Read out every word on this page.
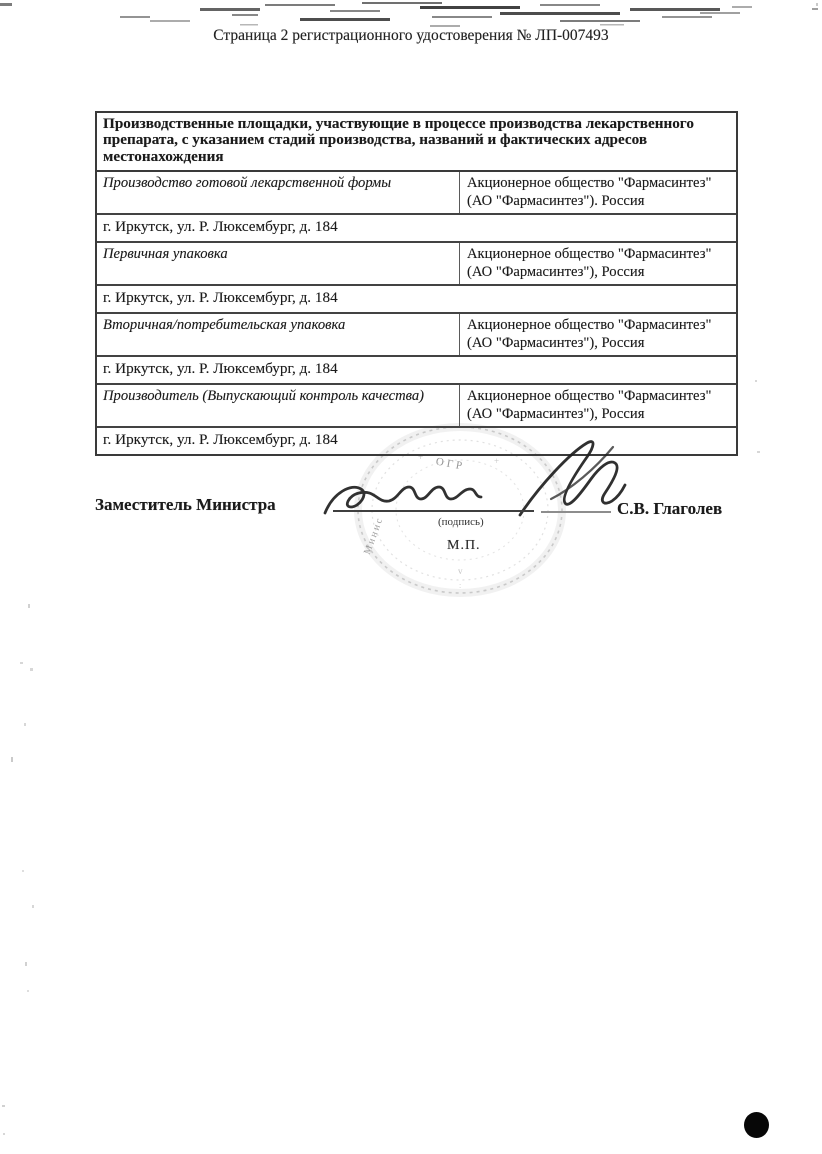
Страница 2 регистрационного удостоверения № ЛП-007493
Производственные площадки, участвующие в процессе производства лекарственного препарата, с указанием стадий производства, названий и фактических адресов местонахождения
Производство готовой лекарственной формы	Акционерное общество "Фармасинтез" (АО "Фармасинтез"). Россия
г. Иркутск, ул. Р. Люксембург, д. 184
Первичная упаковка	Акционерное общество "Фармасинтез" (АО "Фармасинтез"), Россия
г. Иркутск, ул. Р. Люксембург, д. 184
Вторичная/потребительская упаковка	Акционерное общество "Фармасинтез" (АО "Фармасинтез"), Россия
г. Иркутск, ул. Р. Люксембург, д. 184
Производитель (Выпускающий контроль качества)	Акционерное общество "Фармасинтез" (АО "Фармасинтез"), Россия
г. Иркутск, ул. Р. Люксембург, д. 184
ОГР
Минис
+	+
v
:
Заместитель Министра	С.В. Глаголев
(подпись)
М.П.
